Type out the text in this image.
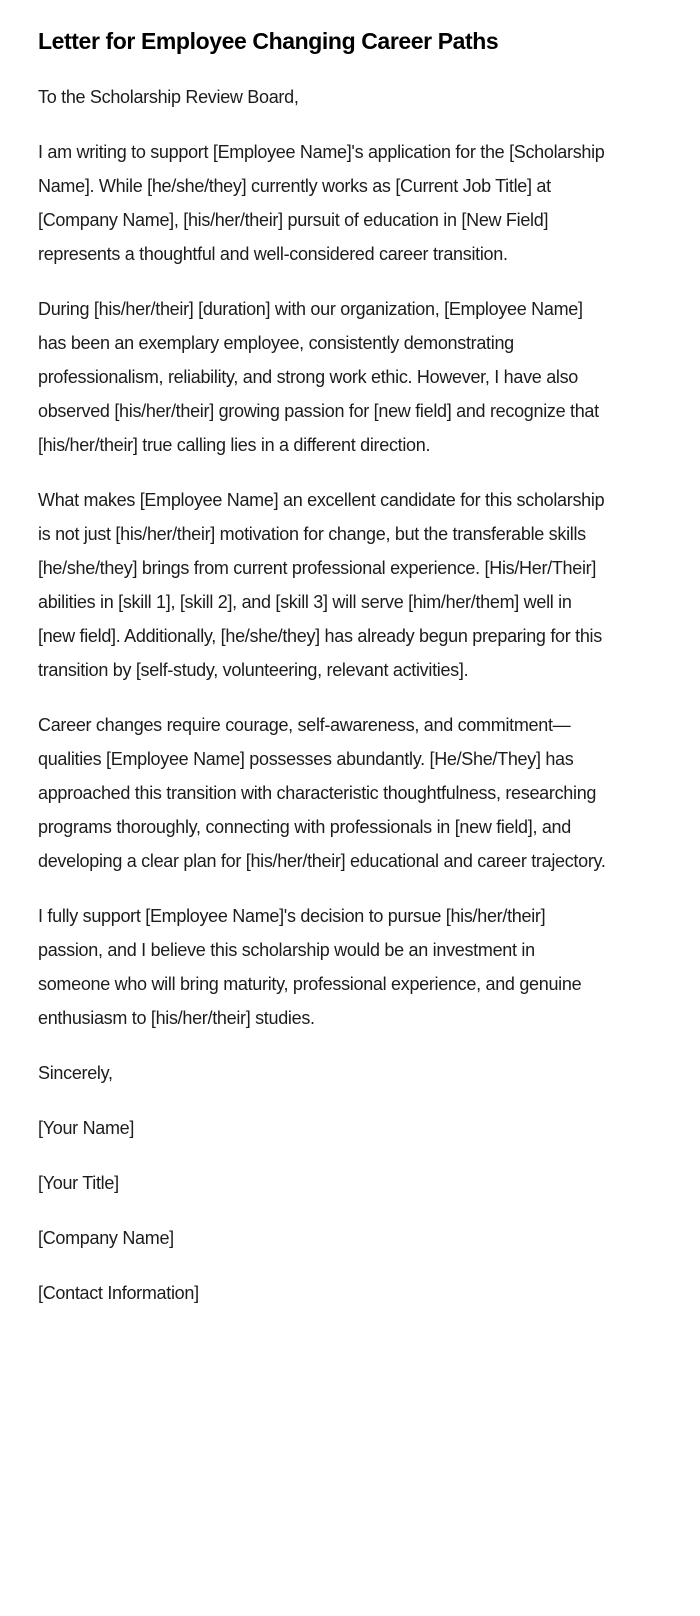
Letter for Employee Changing Career Paths

To the Scholarship Review Board,

I am writing to support [Employee Name]'s application for the [Scholarship Name]. While [he/she/they] currently works as [Current Job Title] at [Company Name], [his/her/their] pursuit of education in [New Field] represents a thoughtful and well-considered career transition.

During [his/her/their] [duration] with our organization, [Employee Name] has been an exemplary employee, consistently demonstrating professionalism, reliability, and strong work ethic. However, I have also observed [his/her/their] growing passion for [new field] and recognize that [his/her/their] true calling lies in a different direction.

What makes [Employee Name] an excellent candidate for this scholarship is not just [his/her/their] motivation for change, but the transferable skills [he/she/they] brings from current professional experience. [His/Her/Their] abilities in [skill 1], [skill 2], and [skill 3] will serve [him/her/them] well in [new field]. Additionally, [he/she/they] has already begun preparing for this transition by [self-study, volunteering, relevant activities].

Career changes require courage, self-awareness, and commitment—qualities [Employee Name] possesses abundantly. [He/She/They] has approached this transition with characteristic thoughtfulness, researching programs thoroughly, connecting with professionals in [new field], and developing a clear plan for [his/her/their] educational and career trajectory.

I fully support [Employee Name]'s decision to pursue [his/her/their] passion, and I believe this scholarship would be an investment in someone who will bring maturity, professional experience, and genuine enthusiasm to [his/her/their] studies.

Sincerely,

[Your Name]

[Your Title]

[Company Name]

[Contact Information]
